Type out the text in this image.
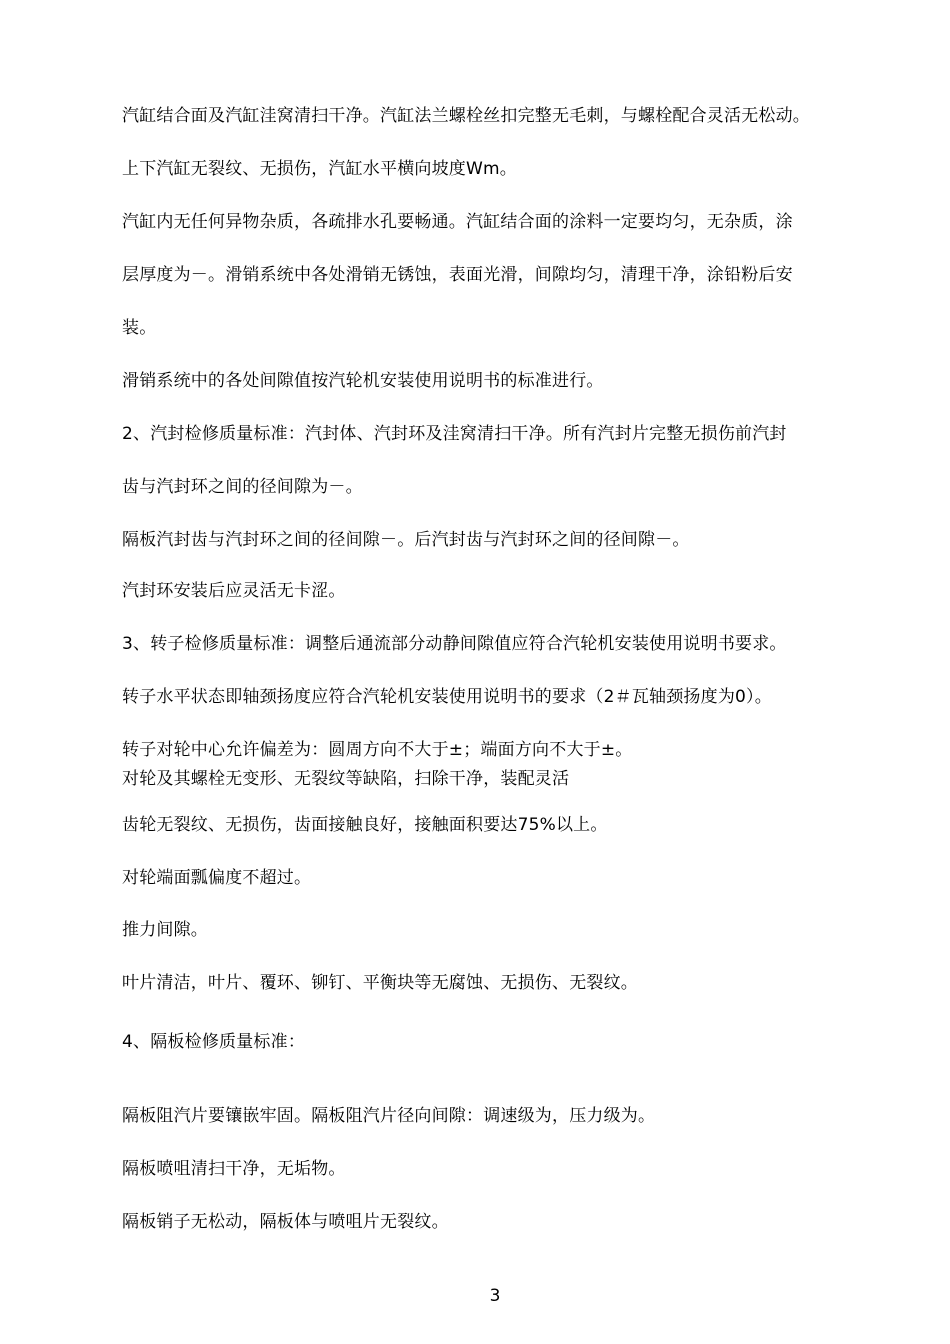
汽缸结合面及汽缸洼窝清扫干净。汽缸法兰螺栓丝扣完整无毛刺，与螺栓配合灵活无松动。
上下汽缸无裂纹、无损伤，汽缸水平横向坡度Wm。
汽缸内无任何异物杂质，各疏排水孔要畅通。汽缸结合面的涂料一定要均匀，无杂质，涂
层厚度为－。滑销系统中各处滑销无锈蚀，表面光滑，间隙均匀，清理干净，涂铅粉后安
装。
滑销系统中的各处间隙值按汽轮机安装使用说明书的标准进行。
2、汽封检修质量标准：汽封体、汽封环及洼窝清扫干净。所有汽封片完整无损伤前汽封
齿与汽封环之间的径间隙为－。
隔板汽封齿与汽封环之间的径间隙－。后汽封齿与汽封环之间的径间隙－。
汽封环安装后应灵活无卡涩。
3、转子检修质量标准：调整后通流部分动静间隙值应符合汽轮机安装使用说明书要求。
转子水平状态即轴颈扬度应符合汽轮机安装使用说明书的要求（2＃瓦轴颈扬度为0）。
转子对轮中心允许偏差为：圆周方向不大于±；端面方向不大于±。
对轮及其螺栓无变形、无裂纹等缺陷，扫除干净，装配灵活
齿轮无裂纹、无损伤，齿面接触良好，接触面积要达75%以上。
对轮端面瓢偏度不超过。
推力间隙。
叶片清洁，叶片、覆环、铆钉、平衡块等无腐蚀、无损伤、无裂纹。
4、隔板检修质量标准：
隔板阻汽片要镶嵌牢固。隔板阻汽片径向间隙：调速级为，压力级为。
隔板喷咀清扫干净，无垢物。
隔板销子无松动，隔板体与喷咀片无裂纹。
3
